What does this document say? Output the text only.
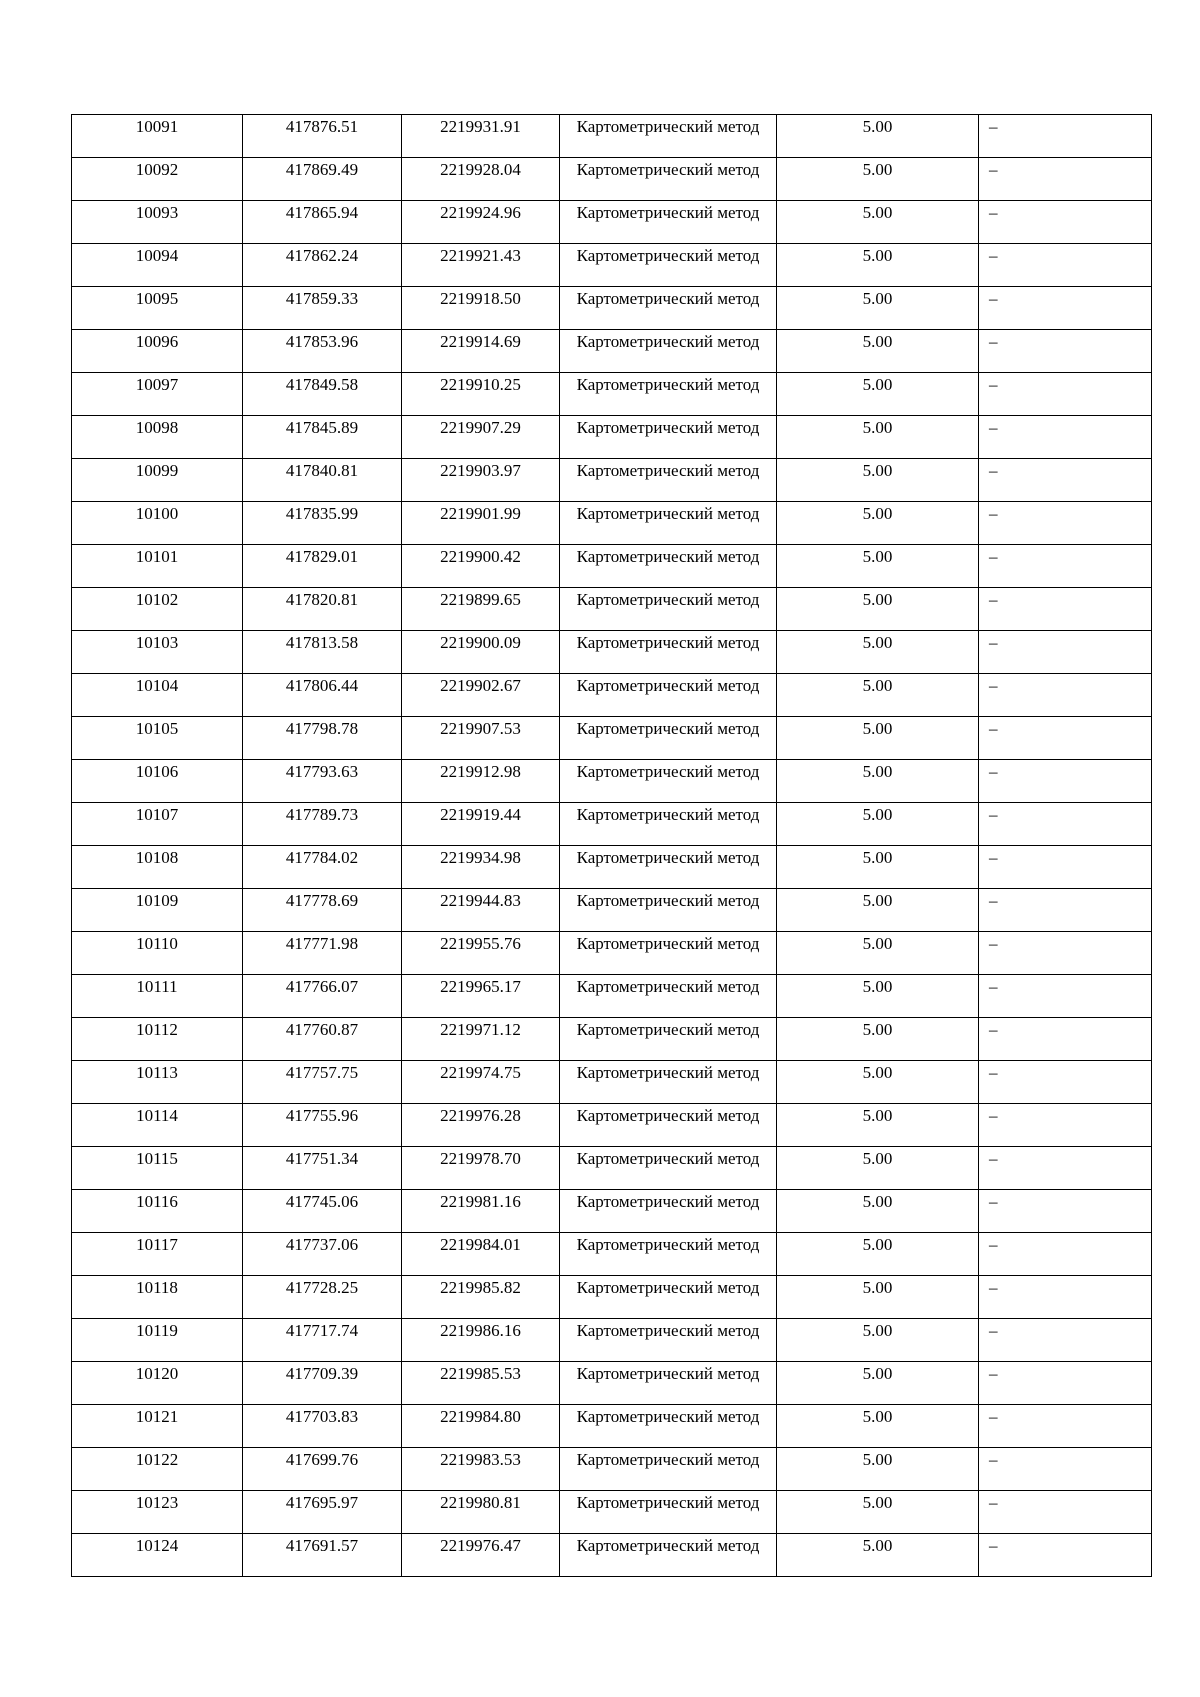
10091	417876.51	2219931.91	Картометрический метод	5.00	–

10092	417869.49	2219928.04	Картометрический метод	5.00	–

10093	417865.94	2219924.96	Картометрический метод	5.00	–

10094	417862.24	2219921.43	Картометрический метод	5.00	–

10095	417859.33	2219918.50	Картометрический метод	5.00	–

10096	417853.96	2219914.69	Картометрический метод	5.00	–

10097	417849.58	2219910.25	Картометрический метод	5.00	–

10098	417845.89	2219907.29	Картометрический метод	5.00	–

10099	417840.81	2219903.97	Картометрический метод	5.00	–

10100	417835.99	2219901.99	Картометрический метод	5.00	–

10101	417829.01	2219900.42	Картометрический метод	5.00	–

10102	417820.81	2219899.65	Картометрический метод	5.00	–

10103	417813.58	2219900.09	Картометрический метод	5.00	–

10104	417806.44	2219902.67	Картометрический метод	5.00	–

10105	417798.78	2219907.53	Картометрический метод	5.00	–

10106	417793.63	2219912.98	Картометрический метод	5.00	–

10107	417789.73	2219919.44	Картометрический метод	5.00	–

10108	417784.02	2219934.98	Картометрический метод	5.00	–

10109	417778.69	2219944.83	Картометрический метод	5.00	–

10110	417771.98	2219955.76	Картометрический метод	5.00	–

10111	417766.07	2219965.17	Картометрический метод	5.00	–

10112	417760.87	2219971.12	Картометрический метод	5.00	–

10113	417757.75	2219974.75	Картометрический метод	5.00	–

10114	417755.96	2219976.28	Картометрический метод	5.00	–

10115	417751.34	2219978.70	Картометрический метод	5.00	–

10116	417745.06	2219981.16	Картометрический метод	5.00	–

10117	417737.06	2219984.01	Картометрический метод	5.00	–

10118	417728.25	2219985.82	Картометрический метод	5.00	–

10119	417717.74	2219986.16	Картометрический метод	5.00	–

10120	417709.39	2219985.53	Картометрический метод	5.00	–

10121	417703.83	2219984.80	Картометрический метод	5.00	–

10122	417699.76	2219983.53	Картометрический метод	5.00	–

10123	417695.97	2219980.81	Картометрический метод	5.00	–

10124	417691.57	2219976.47	Картометрический метод	5.00	–
